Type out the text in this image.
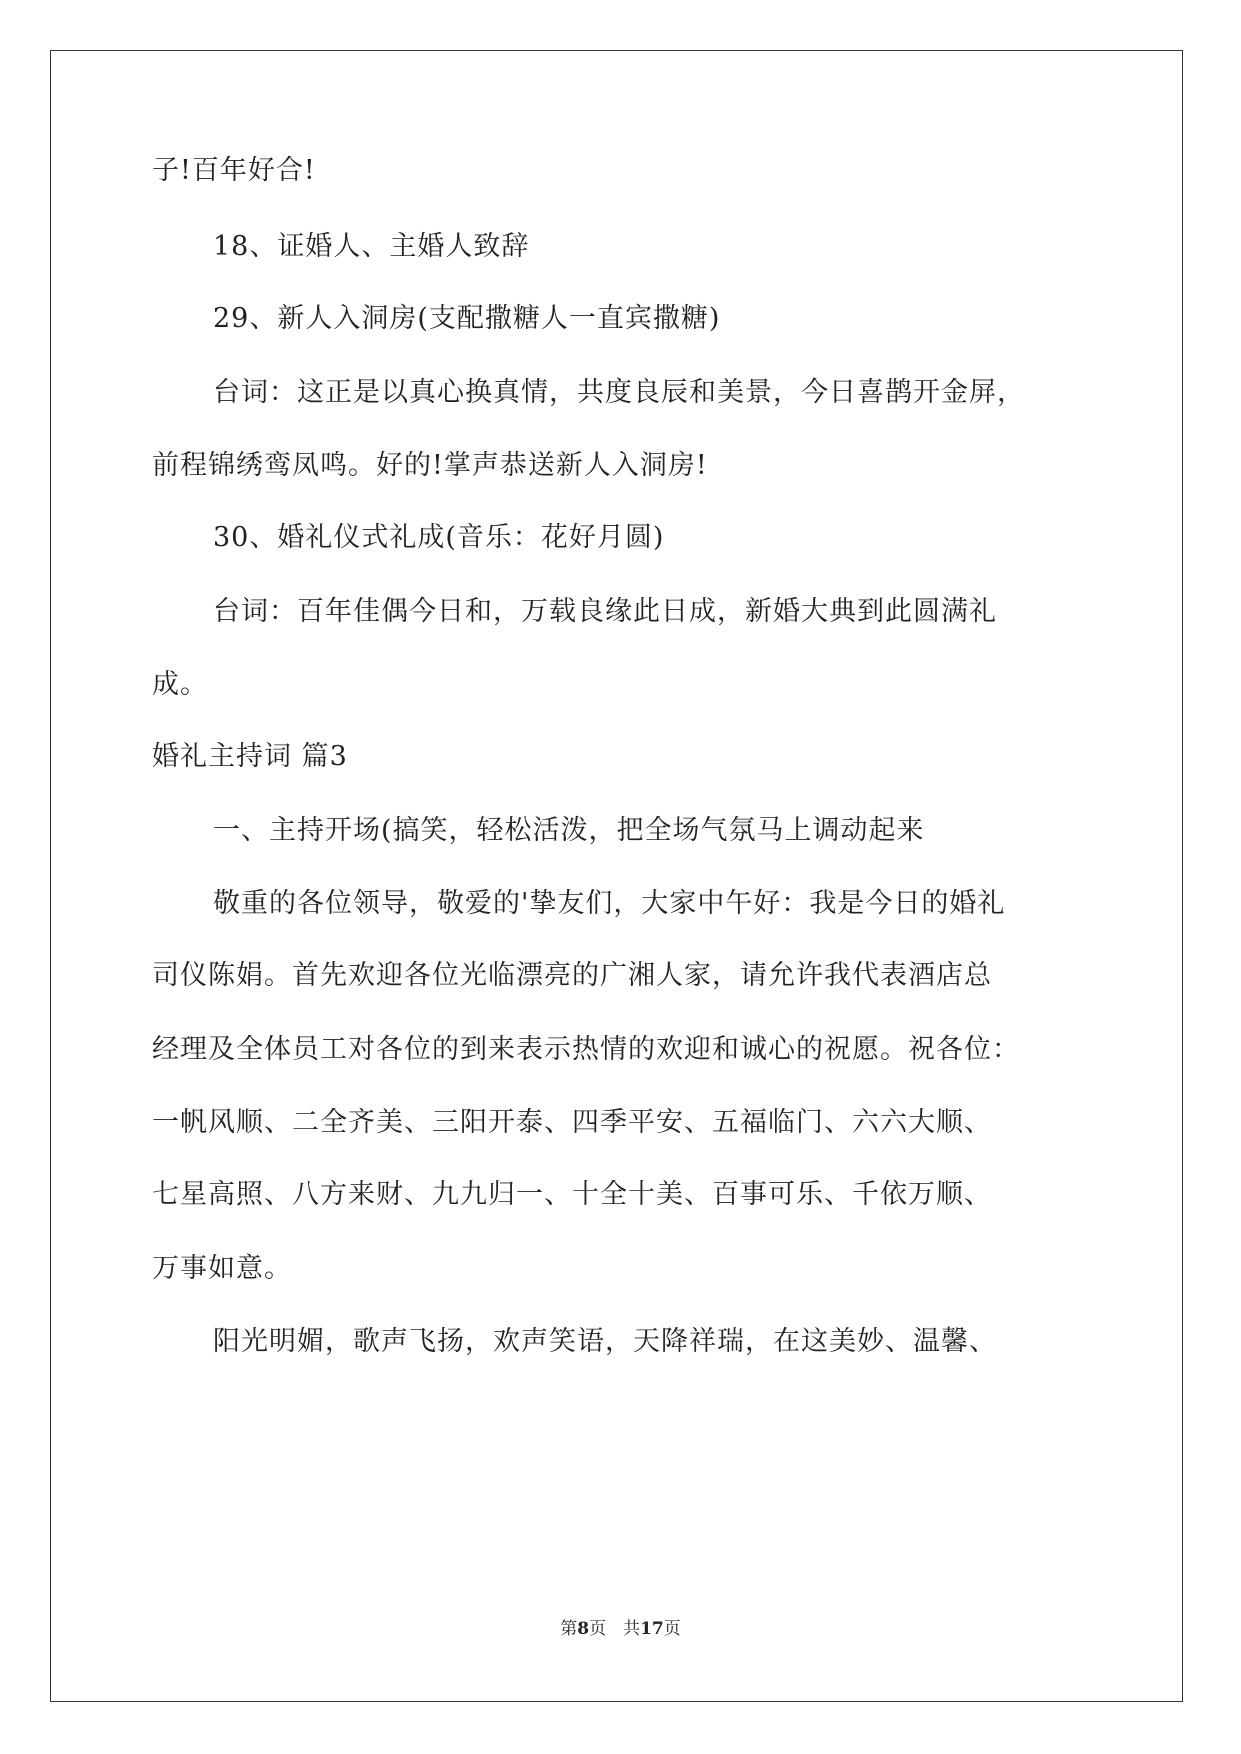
子!百年好合!
18、证婚人、主婚人致辞
29、新人入洞房(支配撒糖人一直宾撒糖)
台词：这正是以真心换真情，共度良辰和美景，今日喜鹊开金屏，
前程锦绣鸾凤鸣。好的!掌声恭送新人入洞房!
30、婚礼仪式礼成(音乐：花好月圆)
台词：百年佳偶今日和，万载良缘此日成，新婚大典到此圆满礼
成。
婚礼主持词 篇3
一、主持开场(搞笑，轻松活泼，把全场气氛马上调动起来
敬重的各位领导，敬爱的'挚友们，大家中午好：我是今日的婚礼
司仪陈娟。首先欢迎各位光临漂亮的广湘人家，请允许我代表酒店总
经理及全体员工对各位的到来表示热情的欢迎和诚心的祝愿。祝各位：
一帆风顺、二全齐美、三阳开泰、四季平安、五福临门、六六大顺、
七星高照、八方来财、九九归一、十全十美、百事可乐、千依万顺、
万事如意。
阳光明媚，歌声飞扬，欢声笑语，天降祥瑞，在这美妙、温馨、
第8页　共17页
